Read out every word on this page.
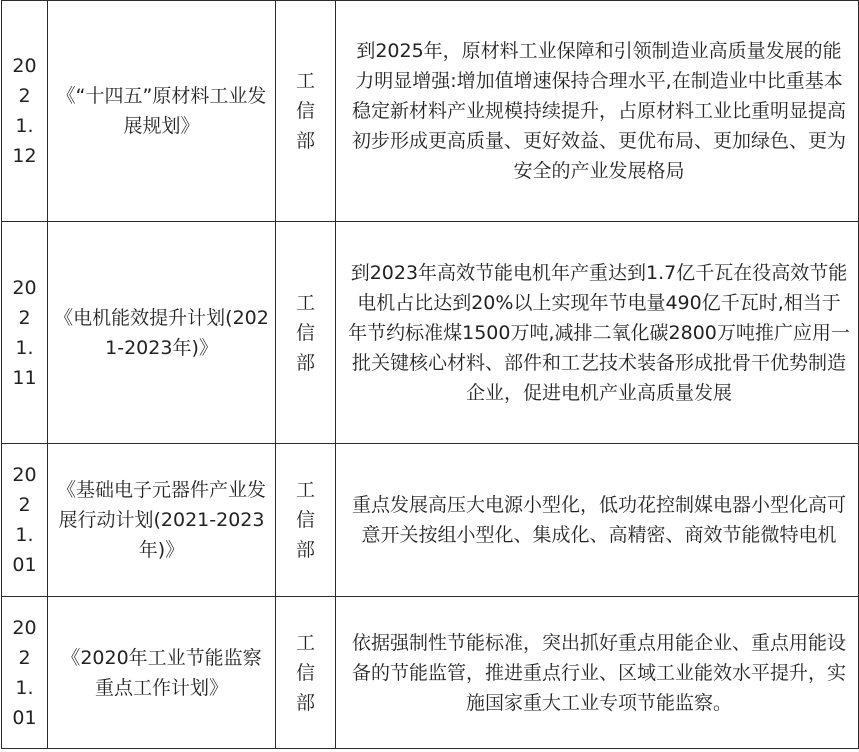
2021.12	《“十四五”原材料工业发展规划》	工信部	到2025年，原材料工业保障和引领制造业高质量发展的能力明显增强:增加值增速保持合理水平,在制造业中比重基本稳定新材料产业规模持续提升，占原材料工业比重明显提高初步形成更高质量、更好效益、更优布局、更加绿色、更为安全的产业发展格局

2021.11	《电机能效提升计划(2021-2023年)》	工信部	到2023年高效节能电机年产重达到1.7亿千瓦在役高效节能电机占比达到20%以上实现年节电量490亿千瓦时,相当于年节约标准煤1500万吨,减排二氧化碳2800万吨推广应用一批关键核心材料、部件和工艺技术装备形成批骨干优势制造企业，促进电机产业高质量发展

2021.01	《基础电子元器件产业发展行动计划(2021-2023年)》	工信部	重点发展高压大电源小型化，低功花控制媒电器小型化高可意开关按组小型化、集成化、高精密、商效节能微特电机

2021.01	《2020年工业节能监察重点工作计划》	工信部	依据强制性节能标准，突出抓好重点用能企业、重点用能设备的节能监管，推进重点行业、区域工业能效水平提升，实施国家重大工业专项节能监察。
